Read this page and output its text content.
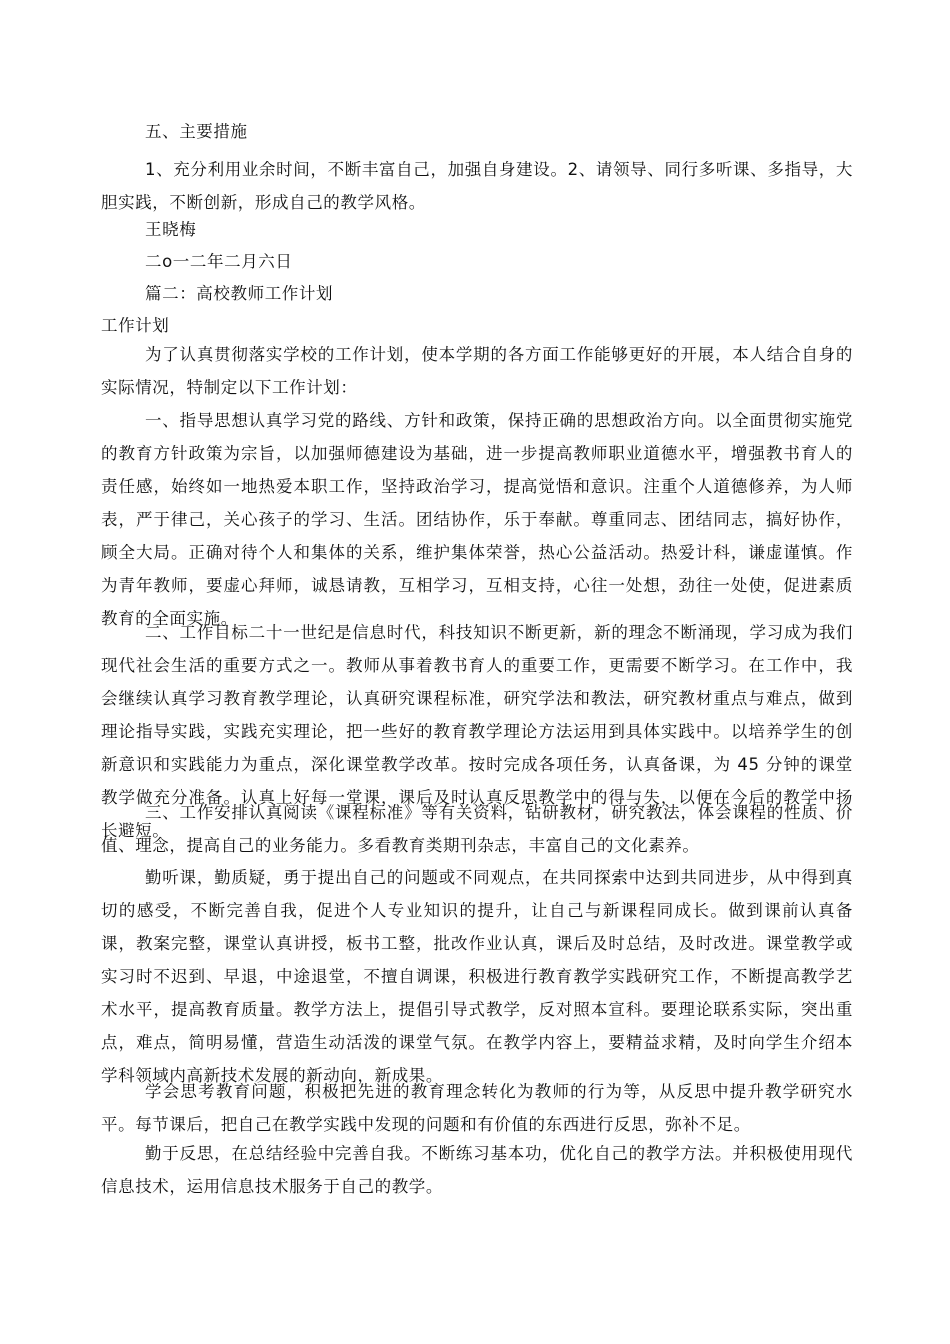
五、主要措施
1、充分利用业余时间，不断丰富自己，加强自身建设。2、请领导、同行多听课、多指导，大胆实践，不断创新，形成自己的教学风格。
王晓梅
二o一二年二月六日
篇二：高校教师工作计划
工作计划
为了认真贯彻落实学校的工作计划，使本学期的各方面工作能够更好的开展，本人结合自身的实际情况，特制定以下工作计划：
一、指导思想认真学习党的路线、方针和政策，保持正确的思想政治方向。以全面贯彻实施党的教育方针政策为宗旨，以加强师德建设为基础，进一步提高教师职业道德水平，增强教书育人的责任感，始终如一地热爱本职工作，坚持政治学习，提高觉悟和意识。注重个人道德修养，为人师表，严于律己，关心孩子的学习、生活。团结协作，乐于奉献。尊重同志、团结同志，搞好协作，顾全大局。正确对待个人和集体的关系，维护集体荣誉，热心公益活动。热爱计科，谦虚谨慎。作为青年教师，要虚心拜师，诚恳请教，互相学习，互相支持，心往一处想，劲往一处使，促进素质教育的全面实施。
二、工作目标二十一世纪是信息时代，科技知识不断更新，新的理念不断涌现，学习成为我们现代社会生活的重要方式之一。教师从事着教书育人的重要工作，更需要不断学习。在工作中，我会继续认真学习教育教学理论，认真研究课程标准，研究学法和教法，研究教材重点与难点，做到理论指导实践，实践充实理论，把一些好的教育教学理论方法运用到具体实践中。以培养学生的创新意识和实践能力为重点，深化课堂教学改革。按时完成各项任务，认真备课，为 45 分钟的课堂教学做充分准备。认真上好每一堂课，课后及时认真反思教学中的得与失，以便在今后的教学中扬长避短。
三、工作安排认真阅读《课程标准》等有关资料，钻研教材，研究教法，体会课程的性质、价值、理念，提高自己的业务能力。多看教育类期刊杂志，丰富自己的文化素养。
勤听课，勤质疑，勇于提出自己的问题或不同观点，在共同探索中达到共同进步，从中得到真切的感受，不断完善自我，促进个人专业知识的提升，让自己与新课程同成长。做到课前认真备课，教案完整，课堂认真讲授，板书工整，批改作业认真，课后及时总结，及时改进。课堂教学或实习时不迟到、早退，中途退堂，不擅自调课，积极进行教育教学实践研究工作，不断提高教学艺术水平，提高教育质量。教学方法上，提倡引导式教学，反对照本宣科。要理论联系实际，突出重点，难点，简明易懂，营造生动活泼的课堂气氛。在教学内容上，要精益求精，及时向学生介绍本学科领域内高新技术发展的新动向，新成果。
学会思考教育问题，积极把先进的教育理念转化为教师的行为等，从反思中提升教学研究水平。每节课后，把自己在教学实践中发现的问题和有价值的东西进行反思，弥补不足。
勤于反思，在总结经验中完善自我。不断练习基本功，优化自己的教学方法。并积极使用现代信息技术，运用信息技术服务于自己的教学。
